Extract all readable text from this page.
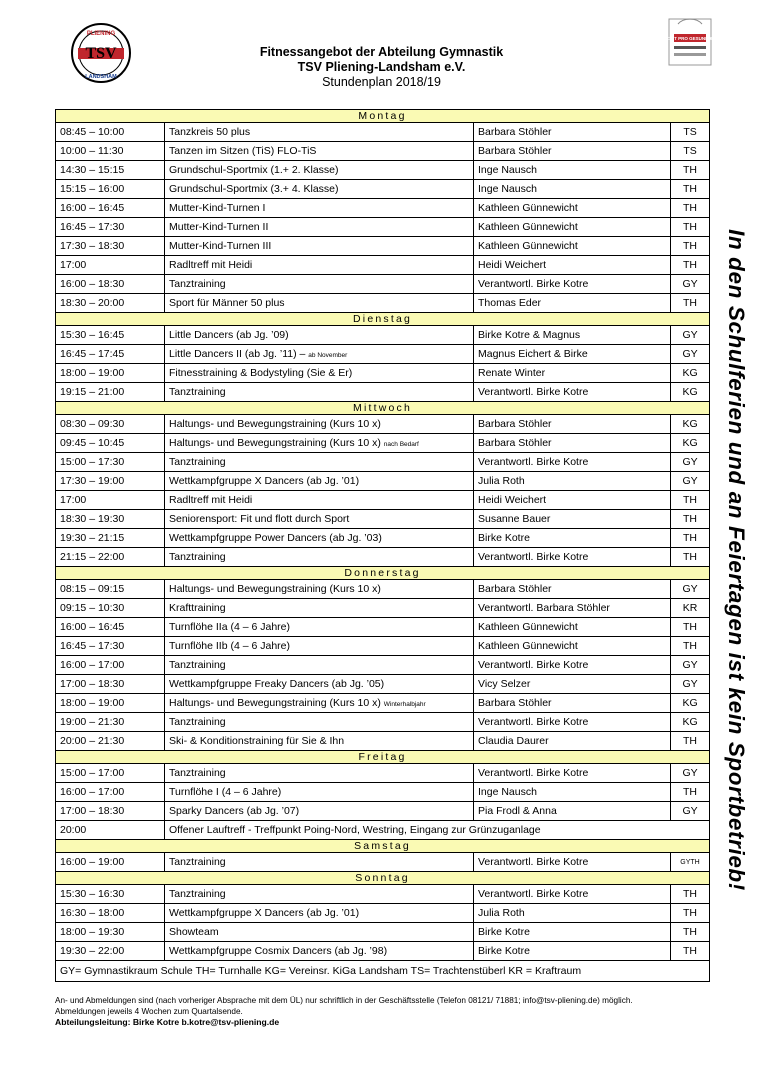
PLIENING
TSV
LANDSHAM
SPORT PRO GESUNDHEIT
Fitnessangebot der Abteilung Gymnastik
TSV Pliening-Landsham e.V.
Stundenplan 2018/19
Montag			
08:45 – 10:00	Tanzkreis 50 plus	Barbara Stöhler	TS
10:00 – 11:30	Tanzen im Sitzen (TiS) FLO-TiS	Barbara Stöhler	TS
14:30 – 15:15	Grundschul-Sportmix (1.+ 2. Klasse)	Inge Nausch	TH
15:15 – 16:00	Grundschul-Sportmix (3.+ 4. Klasse)	Inge Nausch	TH
16:00 – 16:45	Mutter-Kind-Turnen I	Kathleen Günnewicht	TH
16:45 – 17:30	Mutter-Kind-Turnen II	Kathleen Günnewicht	TH
17:30 – 18:30	Mutter-Kind-Turnen III	Kathleen Günnewicht	TH
17:00	Radltreff mit Heidi	Heidi Weichert	TH
16:00 – 18:30	Tanztraining	Verantwortl. Birke Kotre	GY
18:30 – 20:00	Sport für Männer 50 plus	Thomas Eder	TH
Dienstag			
15:30 – 16:45	Little Dancers (ab Jg. ’09)	Birke Kotre & Magnus	GY
16:45 – 17:45	Little Dancers II (ab Jg. ’11) – ab November	Magnus Eichert & Birke	GY
18:00 – 19:00	Fitnesstraining & Bodystyling (Sie & Er)	Renate Winter	KG
19:15 – 21:00	Tanztraining	Verantwortl. Birke Kotre	KG
Mittwoch			
08:30 – 09:30	Haltungs- und Bewegungstraining (Kurs 10 x)	Barbara Stöhler	KG
09:45 – 10:45	Haltungs- und Bewegungstraining (Kurs 10 x) nach Bedarf	Barbara Stöhler	KG
15:00 – 17:30	Tanztraining	Verantwortl. Birke Kotre	GY
17:30 – 19:00	Wettkampfgruppe X Dancers (ab Jg. ’01)	Julia Roth	GY
17:00	Radltreff mit Heidi	Heidi Weichert	TH
18:30 – 19:30	Seniorensport: Fit und flott durch Sport	Susanne Bauer	TH
19:30 – 21:15	Wettkampfgruppe Power Dancers (ab Jg. ’03)	Birke Kotre	TH
21:15 – 22:00	Tanztraining	Verantwortl. Birke Kotre	TH
Donnerstag			
08:15 – 09:15	Haltungs- und Bewegungstraining (Kurs 10 x)	Barbara Stöhler	GY
09:15 – 10:30	Krafttraining	Verantwortl. Barbara Stöhler	KR
16:00 – 16:45	Turnflöhe IIa (4 – 6 Jahre)	Kathleen Günnewicht	TH
16:45 – 17:30	Turnflöhe IIb (4 – 6 Jahre)	Kathleen Günnewicht	TH
16:00 – 17:00	Tanztraining	Verantwortl. Birke Kotre	GY
17:00 – 18:30	Wettkampfgruppe Freaky Dancers (ab Jg. ’05)	Vicy Selzer	GY
18:00 – 19:00	Haltungs- und Bewegungstraining (Kurs 10 x) Winterhalbjahr	Barbara Stöhler	KG
19:00 – 21:30	Tanztraining	Verantwortl. Birke Kotre	KG
20:00 – 21:30	Ski- & Konditionstraining für Sie & Ihn	Claudia Daurer	TH
Freitag			
15:00 – 17:00	Tanztraining	Verantwortl. Birke Kotre	GY
16:00 – 17:00	Turnflöhe I (4 – 6 Jahre)	Inge Nausch	TH
17:00 – 18:30	Sparky Dancers (ab Jg. ’07)	Pia Frodl & Anna	GY
20:00	Offener Lauftreff - Treffpunkt Poing-Nord, Westring, Eingang zur Grünzuganlage		
Samstag			
16:00 – 19:00	Tanztraining	Verantwortl. Birke Kotre	GYTH
Sonntag			
15:30 – 16:30	Tanztraining	Verantwortl. Birke Kotre	TH
16:30 – 18:00	Wettkampfgruppe X Dancers (ab Jg. ’01)	Julia Roth	TH
18:00 – 19:30	Showteam	Birke Kotre	TH
19:30 – 22:00	Wettkampfgruppe Cosmix Dancers (ab Jg. ’98)	Birke Kotre	TH
GY= Gymnastikraum Schule TH= Turnhalle KG= Vereinsr. KiGa Landsham TS= Trachtenstüberl KR = Kraftraum			
In den Schulferien und an Feiertagen ist kein Sportbetrieb!
An- und Abmeldungen sind (nach vorheriger Absprache mit dem ÜL) nur schriftlich in der Geschäftsstelle (Telefon 08121/ 71881; info@tsv-pliening.de) möglich.
Abmeldungen jeweils 4 Wochen zum Quartalsende.
Abteilungsleitung: Birke Kotre b.kotre@tsv-pliening.de
